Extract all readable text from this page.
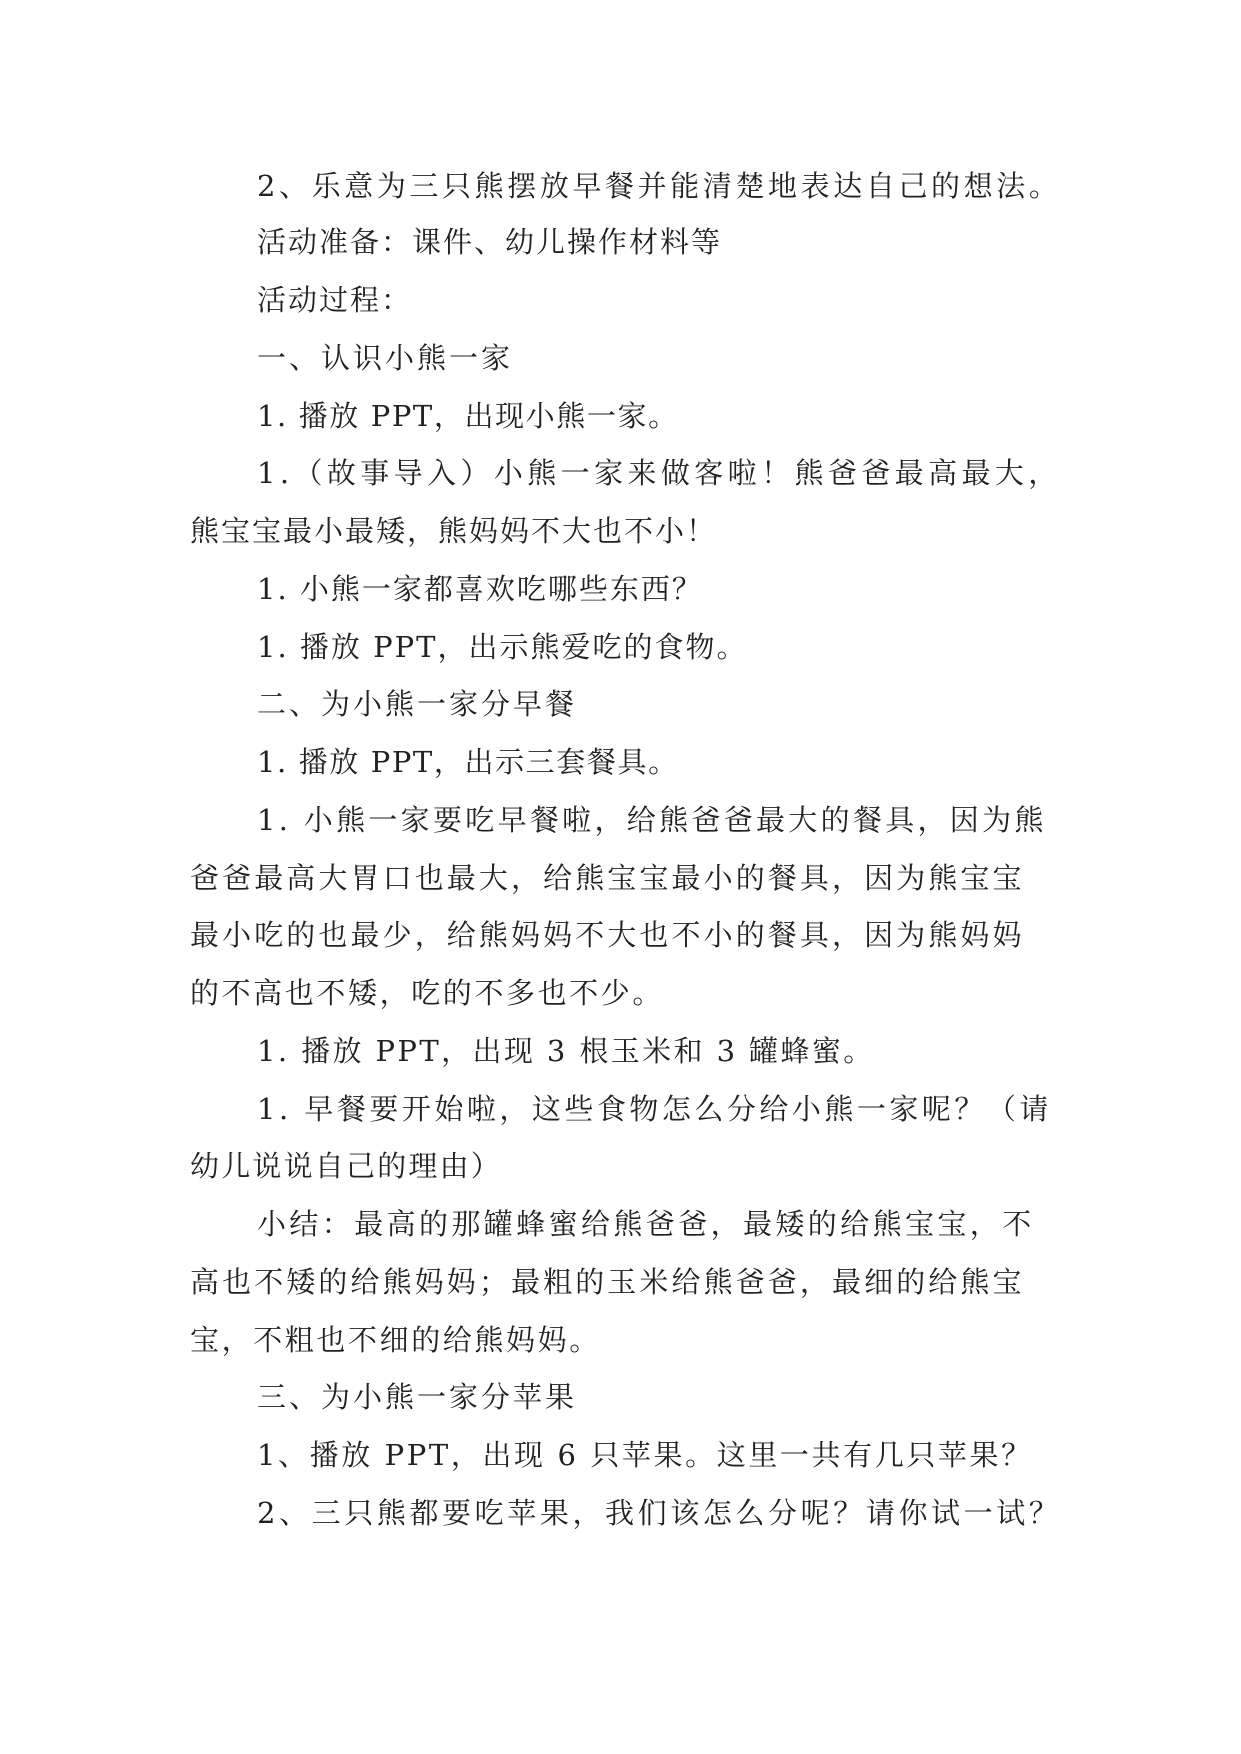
2、乐意为三只熊摆放早餐并能清楚地表达自己的想法。

活动准备：课件、幼儿操作材料等

活动过程：

一、认识小熊一家

1. 播放 PPT，出现小熊一家。

1.（故事导入）小熊一家来做客啦！熊爸爸最高最大，

熊宝宝最小最矮，熊妈妈不大也不小！

1. 小熊一家都喜欢吃哪些东西？

1. 播放 PPT，出示熊爱吃的食物。

二、为小熊一家分早餐

1. 播放 PPT，出示三套餐具。

1. 小熊一家要吃早餐啦，给熊爸爸最大的餐具，因为熊

爸爸最高大胃口也最大，给熊宝宝最小的餐具，因为熊宝宝

最小吃的也最少，给熊妈妈不大也不小的餐具，因为熊妈妈

的不高也不矮，吃的不多也不少。

1. 播放 PPT，出现 3 根玉米和 3 罐蜂蜜。

1. 早餐要开始啦，这些食物怎么分给小熊一家呢？（请

幼儿说说自己的理由）

小结：最高的那罐蜂蜜给熊爸爸，最矮的给熊宝宝，不

高也不矮的给熊妈妈；最粗的玉米给熊爸爸，最细的给熊宝

宝，不粗也不细的给熊妈妈。

三、为小熊一家分苹果

1、播放 PPT，出现 6 只苹果。这里一共有几只苹果？

2、三只熊都要吃苹果，我们该怎么分呢？请你试一试？
